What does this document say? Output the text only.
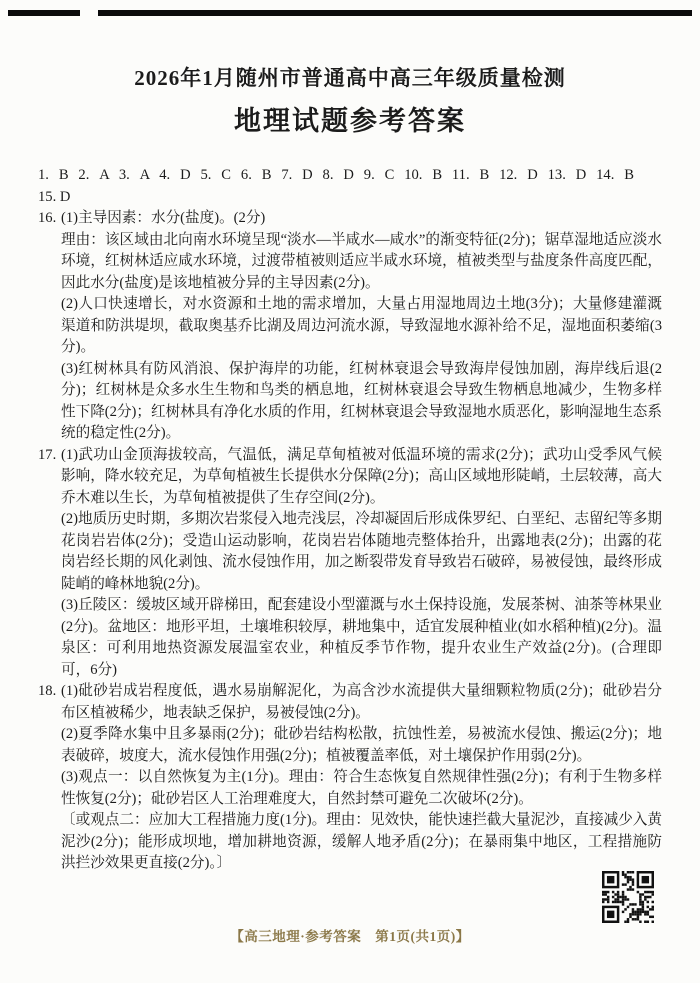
2026年1月随州市普通高中高三年级质量检测
地理试题参考答案

1. B 2. A 3. A 4. D 5. C 6. B 7. D 8. D 9. C 10. B 11. B 12. D 13. D 14. B

15. D

16. (1)主导因素：水分(盐度)。(2分)

理由：该区域由北向南水环境呈现“淡水—半咸水—咸水”的渐变特征(2分)；锯草湿地适应淡水环境，红树林适应咸水环境，过渡带植被则适应半咸水环境，植被类型与盐度条件高度匹配，因此水分(盐度)是该地植被分异的主导因素(2分)。

(2)人口快速增长，对水资源和土地的需求增加，大量占用湿地周边土地(3分)；大量修建灌溉渠道和防洪堤坝，截取奥基乔比湖及周边河流水源，导致湿地水源补给不足，湿地面积萎缩(3分)。

(3)红树林具有防风消浪、保护海岸的功能，红树林衰退会导致海岸侵蚀加剧，海岸线后退(2分)；红树林是众多水生生物和鸟类的栖息地，红树林衰退会导致生物栖息地减少，生物多样性下降(2分)；红树林具有净化水质的作用，红树林衰退会导致湿地水质恶化，影响湿地生态系统的稳定性(2分)。

17. (1)武功山金顶海拔较高，气温低，满足草甸植被对低温环境的需求(2分)；武功山受季风气候影响，降水较充足，为草甸植被生长提供水分保障(2分)；高山区域地形陡峭，土层较薄，高大乔木难以生长，为草甸植被提供了生存空间(2分)。

(2)地质历史时期，多期次岩浆侵入地壳浅层，冷却凝固后形成侏罗纪、白垩纪、志留纪等多期花岗岩岩体(2分)；受造山运动影响，花岗岩岩体随地壳整体抬升，出露地表(2分)；出露的花岗岩经长期的风化剥蚀、流水侵蚀作用，加之断裂带发育导致岩石破碎，易被侵蚀，最终形成陡峭的峰林地貌(2分)。

(3)丘陵区：缓坡区域开辟梯田，配套建设小型灌溉与水土保持设施，发展茶树、油茶等林果业(2分)。盆地区：地形平坦，土壤堆积较厚，耕地集中，适宜发展种植业(如水稻种植)(2分)。温泉区：可利用地热资源发展温室农业，种植反季节作物，提升农业生产效益(2分)。(合理即可，6分)

18. (1)砒砂岩成岩程度低，遇水易崩解泥化，为高含沙水流提供大量细颗粒物质(2分)；砒砂岩分布区植被稀少，地表缺乏保护，易被侵蚀(2分)。

(2)夏季降水集中且多暴雨(2分)；砒砂岩结构松散，抗蚀性差，易被流水侵蚀、搬运(2分)；地表破碎，坡度大，流水侵蚀作用强(2分)；植被覆盖率低，对土壤保护作用弱(2分)。

(3)观点一：以自然恢复为主(1分)。理由：符合生态恢复自然规律性强(2分)；有利于生物多样性恢复(2分)；砒砂岩区人工治理难度大，自然封禁可避免二次破坏(2分)。

〔或观点二：应加大工程措施力度(1分)。理由：见效快，能快速拦截大量泥沙，直接减少入黄泥沙(2分)；能形成坝地，增加耕地资源，缓解人地矛盾(2分)；在暴雨集中地区，工程措施防洪拦沙效果更直接(2分)。〕

【高三地理·参考答案　第1页(共1页)】
